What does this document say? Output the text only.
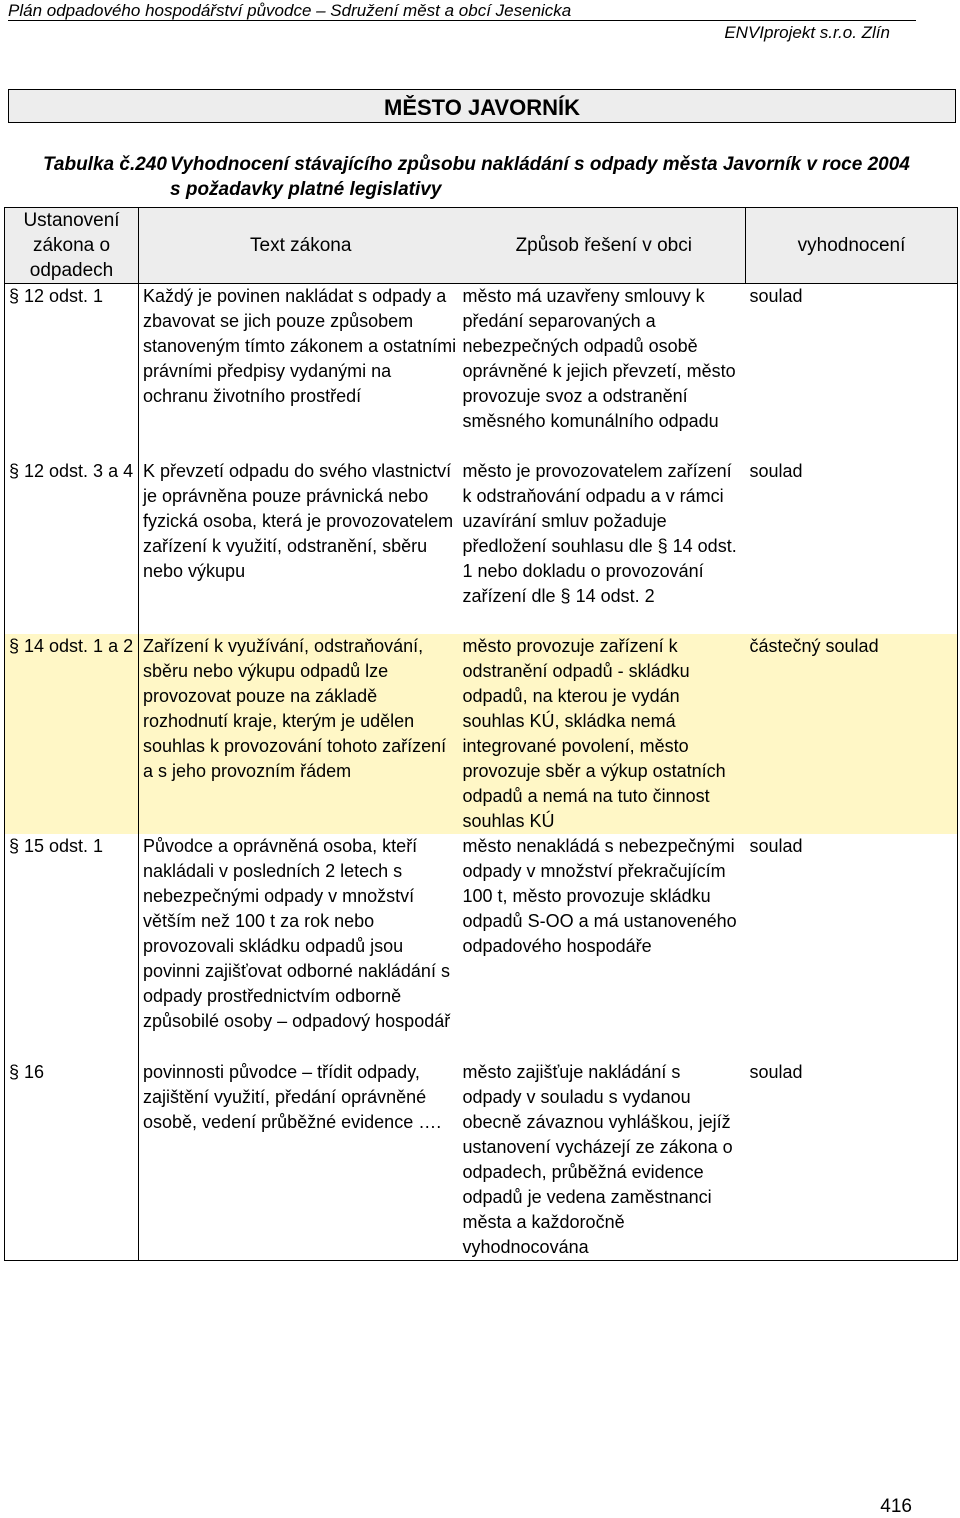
Plán odpadového hospodářství původce – Sdružení měst a obcí Jesenicka
ENVIprojekt s.r.o. Zlín
MĚSTO JAVORNÍK
Tabulka č.240 Vyhodnocení stávajícího způsobu nakládání s odpady města Javorník v roce 2004
s požadavky platné legislativy
Ustanovení zákona o odpadech	Text zákona	Způsob řešení v obci	vyhodnocení
§ 12 odst. 1	Každý je povinen nakládat s odpady a zbavovat se jich pouze způsobem stanoveným tímto zákonem a ostatními právními předpisy vydanými na ochranu životního prostředí	město má uzavřeny smlouvy k předání separovaných a nebezpečných odpadů osobě oprávněné k jejich převzetí, město provozuje svoz a odstranění směsného komunálního odpadu	soulad
§ 12 odst. 3 a 4	K převzetí odpadu do svého vlastnictví je oprávněna pouze právnická nebo fyzická osoba, která je provozovatelem zařízení k využití, odstranění, sběru nebo výkupu	město je provozovatelem zařízení k odstraňování odpadu a v rámci uzavírání smluv požaduje předložení souhlasu dle § 14 odst. 1 nebo dokladu o provozování zařízení dle § 14 odst. 2	soulad
§ 14 odst. 1 a 2	Zařízení k využívání, odstraňování, sběru nebo výkupu odpadů lze provozovat pouze na základě rozhodnutí kraje, kterým je udělen souhlas k provozování tohoto zařízení a s jeho provozním řádem	město provozuje zařízení k odstranění odpadů - skládku odpadů, na kterou je vydán souhlas KÚ, skládka nemá integrované povolení, město provozuje sběr a výkup ostatních odpadů a nemá na tuto činnost souhlas KÚ	částečný soulad
§ 15 odst. 1	Původce a oprávněná osoba, kteří nakládali v posledních 2 letech s nebezpečnými odpady v množství větším než 100 t za rok nebo provozovali skládku odpadů jsou povinni zajišťovat odborné nakládání s odpady prostřednictvím odborně způsobilé osoby – odpadový hospodář	město nenakládá s nebezpečnými odpady v množství překračujícím 100 t, město provozuje skládku odpadů S-OO a má ustanoveného odpadového hospodáře	soulad
§ 16	povinnosti původce – třídit odpady, zajištění využití, předání oprávněné osobě, vedení průběžné evidence ….	město zajišťuje nakládání s odpady v souladu s vydanou obecně závaznou vyhláškou, jejíž ustanovení vycházejí ze zákona o odpadech, průběžná evidence odpadů je vedena zaměstnanci města a každoročně vyhodnocována	soulad
416
